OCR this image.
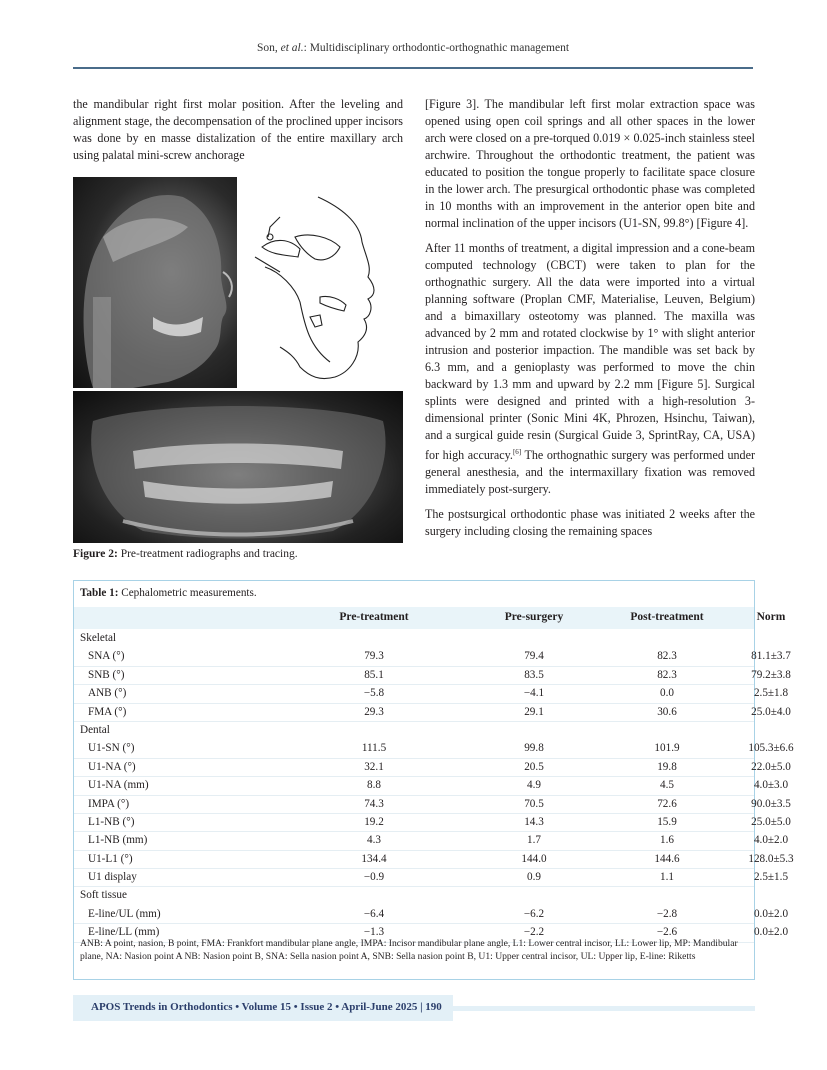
Son, et al.: Multidisciplinary orthodontic-orthognathic management

the mandibular right first molar position. After the leveling and alignment stage, the decompensation of the proclined upper incisors was done by en masse distalization of the entire maxillary arch using palatal mini-screw anchorage

Figure 2: Pre-treatment radiographs and tracing.

[Figure 3]. The mandibular left first molar extraction space was opened using open coil springs and all other spaces in the lower arch were closed on a pre-torqued 0.019 × 0.025-inch stainless steel archwire. Throughout the orthodontic treatment, the patient was educated to position the tongue properly to facilitate space closure in the lower arch. The presurgical orthodontic phase was completed in 10 months with an improvement in the anterior open bite and normal inclination of the upper incisors (U1-SN, 99.8°) [Figure 4].

After 11 months of treatment, a digital impression and a cone-beam computed technology (CBCT) were taken to plan for the orthognathic surgery. All the data were imported into a virtual planning software (Proplan CMF, Materialise, Leuven, Belgium) and a bimaxillary osteotomy was planned. The maxilla was advanced by 2 mm and rotated clockwise by 1° with slight anterior intrusion and posterior impaction. The mandible was set back by 6.3 mm, and a genioplasty was performed to move the chin backward by 1.3 mm and upward by 2.2 mm [Figure 5]. Surgical splints were designed and printed with a high-resolution 3-dimensional printer (Sonic Mini 4K, Phrozen, Hsinchu, Taiwan), and a surgical guide resin (Surgical Guide 3, SprintRay, CA, USA) for high accuracy.[6] The orthognathic surgery was performed under general anesthesia, and the intermaxillary fixation was removed immediately post-surgery.

The postsurgical orthodontic phase was initiated 2 weeks after the surgery including closing the remaining spaces

Table 1: Cephalometric measurements.
Pre-treatment	Pre-surgery	Post-treatment	Norm
Skeletal
SNA (°)	79.3	79.4	82.3	81.1±3.7
SNB (°)	85.1	83.5	82.3	79.2±3.8
ANB (°)	−5.8	−4.1	0.0	2.5±1.8
FMA (°)	29.3	29.1	30.6	25.0±4.0
Dental
U1-SN (°)	111.5	99.8	101.9	105.3±6.6
U1-NA (°)	32.1	20.5	19.8	22.0±5.0
U1-NA (mm)	8.8	4.9	4.5	4.0±3.0
IMPA (°)	74.3	70.5	72.6	90.0±3.5
L1-NB (°)	19.2	14.3	15.9	25.0±5.0
L1-NB (mm)	4.3	1.7	1.6	4.0±2.0
U1-L1 (°)	134.4	144.0	144.6	128.0±5.3
U1 display	−0.9	0.9	1.1	2.5±1.5
Soft tissue
E-line/UL (mm)	−6.4	−6.2	−2.8	0.0±2.0
E-line/LL (mm)	−1.3	−2.2	−2.6	0.0±2.0
ANB: A point, nasion, B point, FMA: Frankfort mandibular plane angle, IMPA: Incisor mandibular plane angle, L1: Lower central incisor, LL: Lower lip, MP: Mandibular plane, NA: Nasion point A NB: Nasion point B, SNA: Sella nasion point A, SNB: Sella nasion point B, U1: Upper central incisor, UL: Upper lip, E-line: Riketts
APOS Trends in Orthodontics • Volume 15 • Issue 2 • April-June 2025 | 190
